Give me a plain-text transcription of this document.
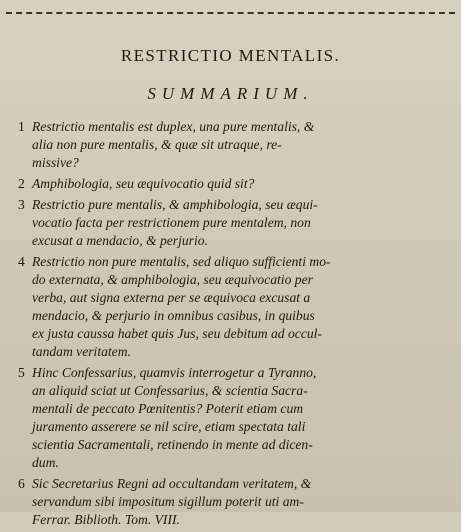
RESTRICTIO MENTALIS.
SUMMARIUM.
1 Restrictio mentalis est duplex, una pure mentalis, &
alia non pure mentalis, & quæ sit utraque, re-
missive?
2 Amphibologia, seu æquivocatio quid sit?
3 Restrictio pure mentalis, & amphibologia, seu æqui-
vocatio facta per restrictionem pure mentalem, non
excusat a mendacio, & perjurio.
4 Restrictio non pure mentalis, sed aliquo sufficienti mo-
do externata, & amphibologia, seu æquivocatio per
verba, aut signa externa per se æquivoca excusat a
mendacio, & perjurio in omnibus casibus, in quibus
ex justa caussa habet quis Jus, seu debitum ad occul-
tandam veritatem.
5 Hinc Confessarius, quamvis interrogetur a Tyranno,
an aliquid sciat ut Confessarius, & scientia Sacra-
mentali de peccato Pœnitentis? Poterit etiam cum
juramento asserere se nil scire, etiam spectata tali
scientia Sacramentali, retinendo in mente ad dicen-
dum.
6 Sic Secretarius Regni ad occultandam veritatem, &
servandum sibi impositum sigillum poterit uti am-
Ferrar. Biblioth. Tom. VIII.
